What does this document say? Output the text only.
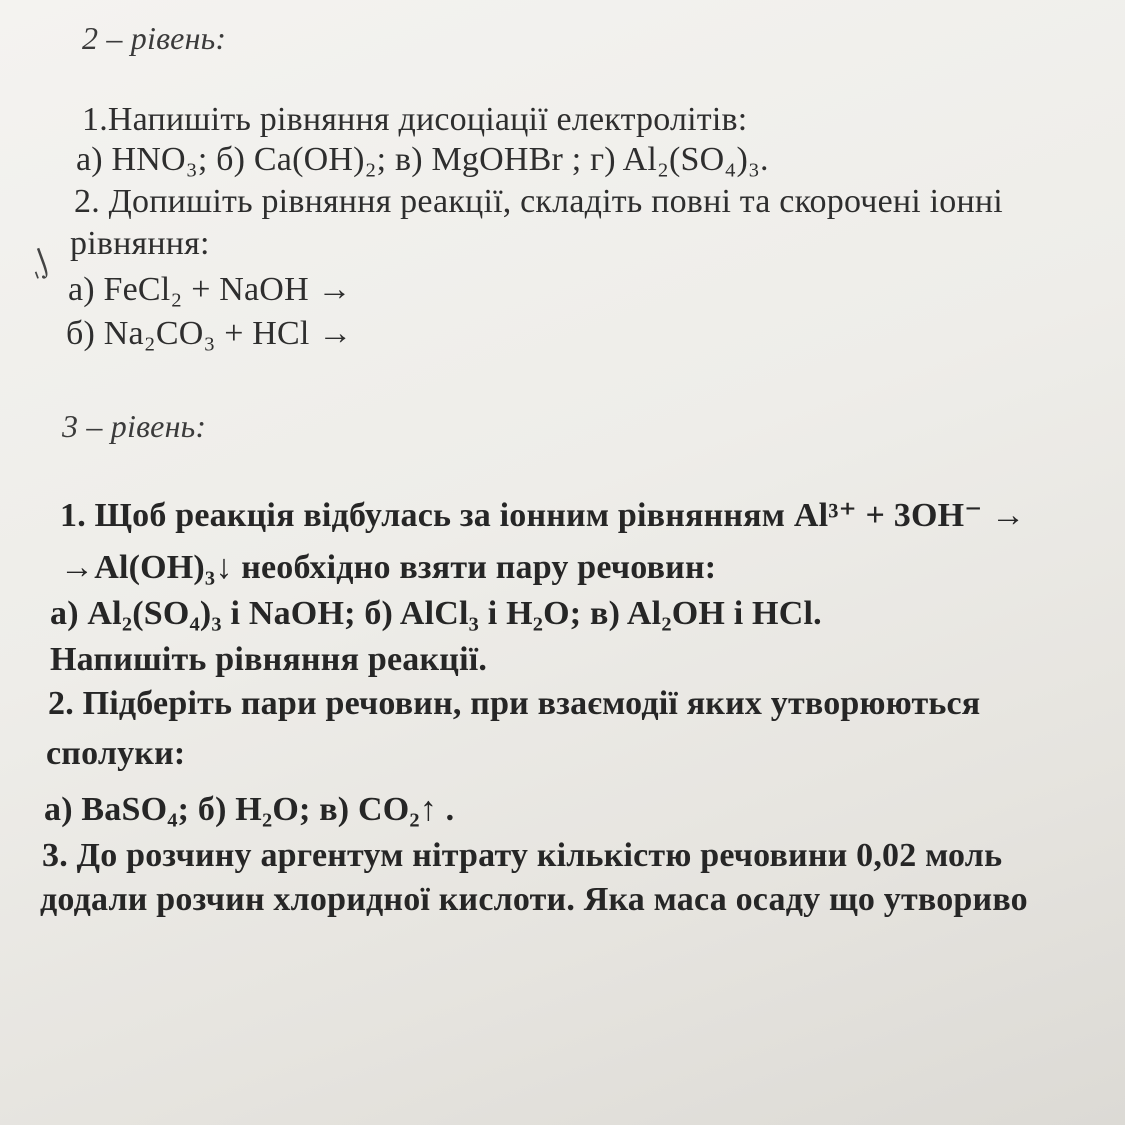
2 – рівень:
1.Напишіть рівняння дисоціації електролітів:
а) HNO₃; б) Ca(OH)₂; в) MgOHBr ; г) Al₂(SO₄)₃.
2. Допишіть рівняння реакції, складіть повні та скорочені іонні
рівняння:
а) FeCl₂ + NaOH →
б) Na₂CO₃ + HCl →
ˌ⌡
3 – рівень:
1. Щоб реакція відбулась за іонним рівнянням Al³⁺ + 3OH⁻ →
→Al(OH)₃↓ необхідно взяти пару речовин:
а) Al₂(SO₄)₃ і NaOH; б) AlCl₃ і H₂O; в) Al₂OH і HCl.
Напишіть рівняння реакції.
2. Підберіть пари речовин, при взаємодії яких утворюються
сполуки:
а) BaSO₄; б) H₂O; в) CO₂↑ .
3. До розчину аргентум нітрату кількістю речовини 0,02 моль
додали розчин хлоридної кислоти. Яка маса осаду що утвориво
